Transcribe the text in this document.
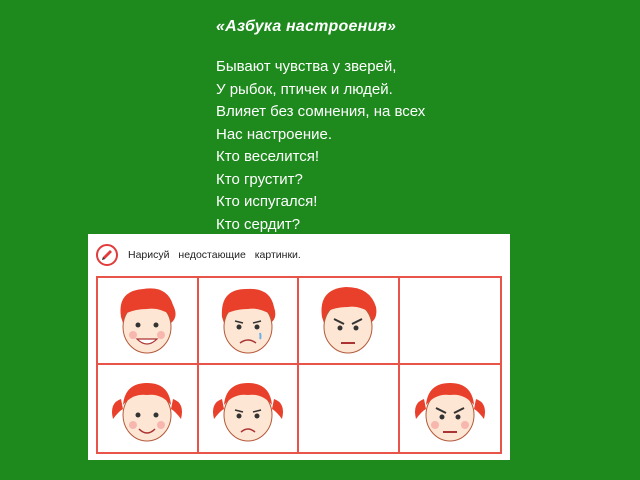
«Азбука настроения»
Бывают чувства у зверей,
У рыбок, птичек и людей.
Влияет без сомнения, на всех
Нас настроение.
Кто веселится!
Кто грустит?
Кто испугался!
Кто сердит?
Нарисуй недостающие картинки.
